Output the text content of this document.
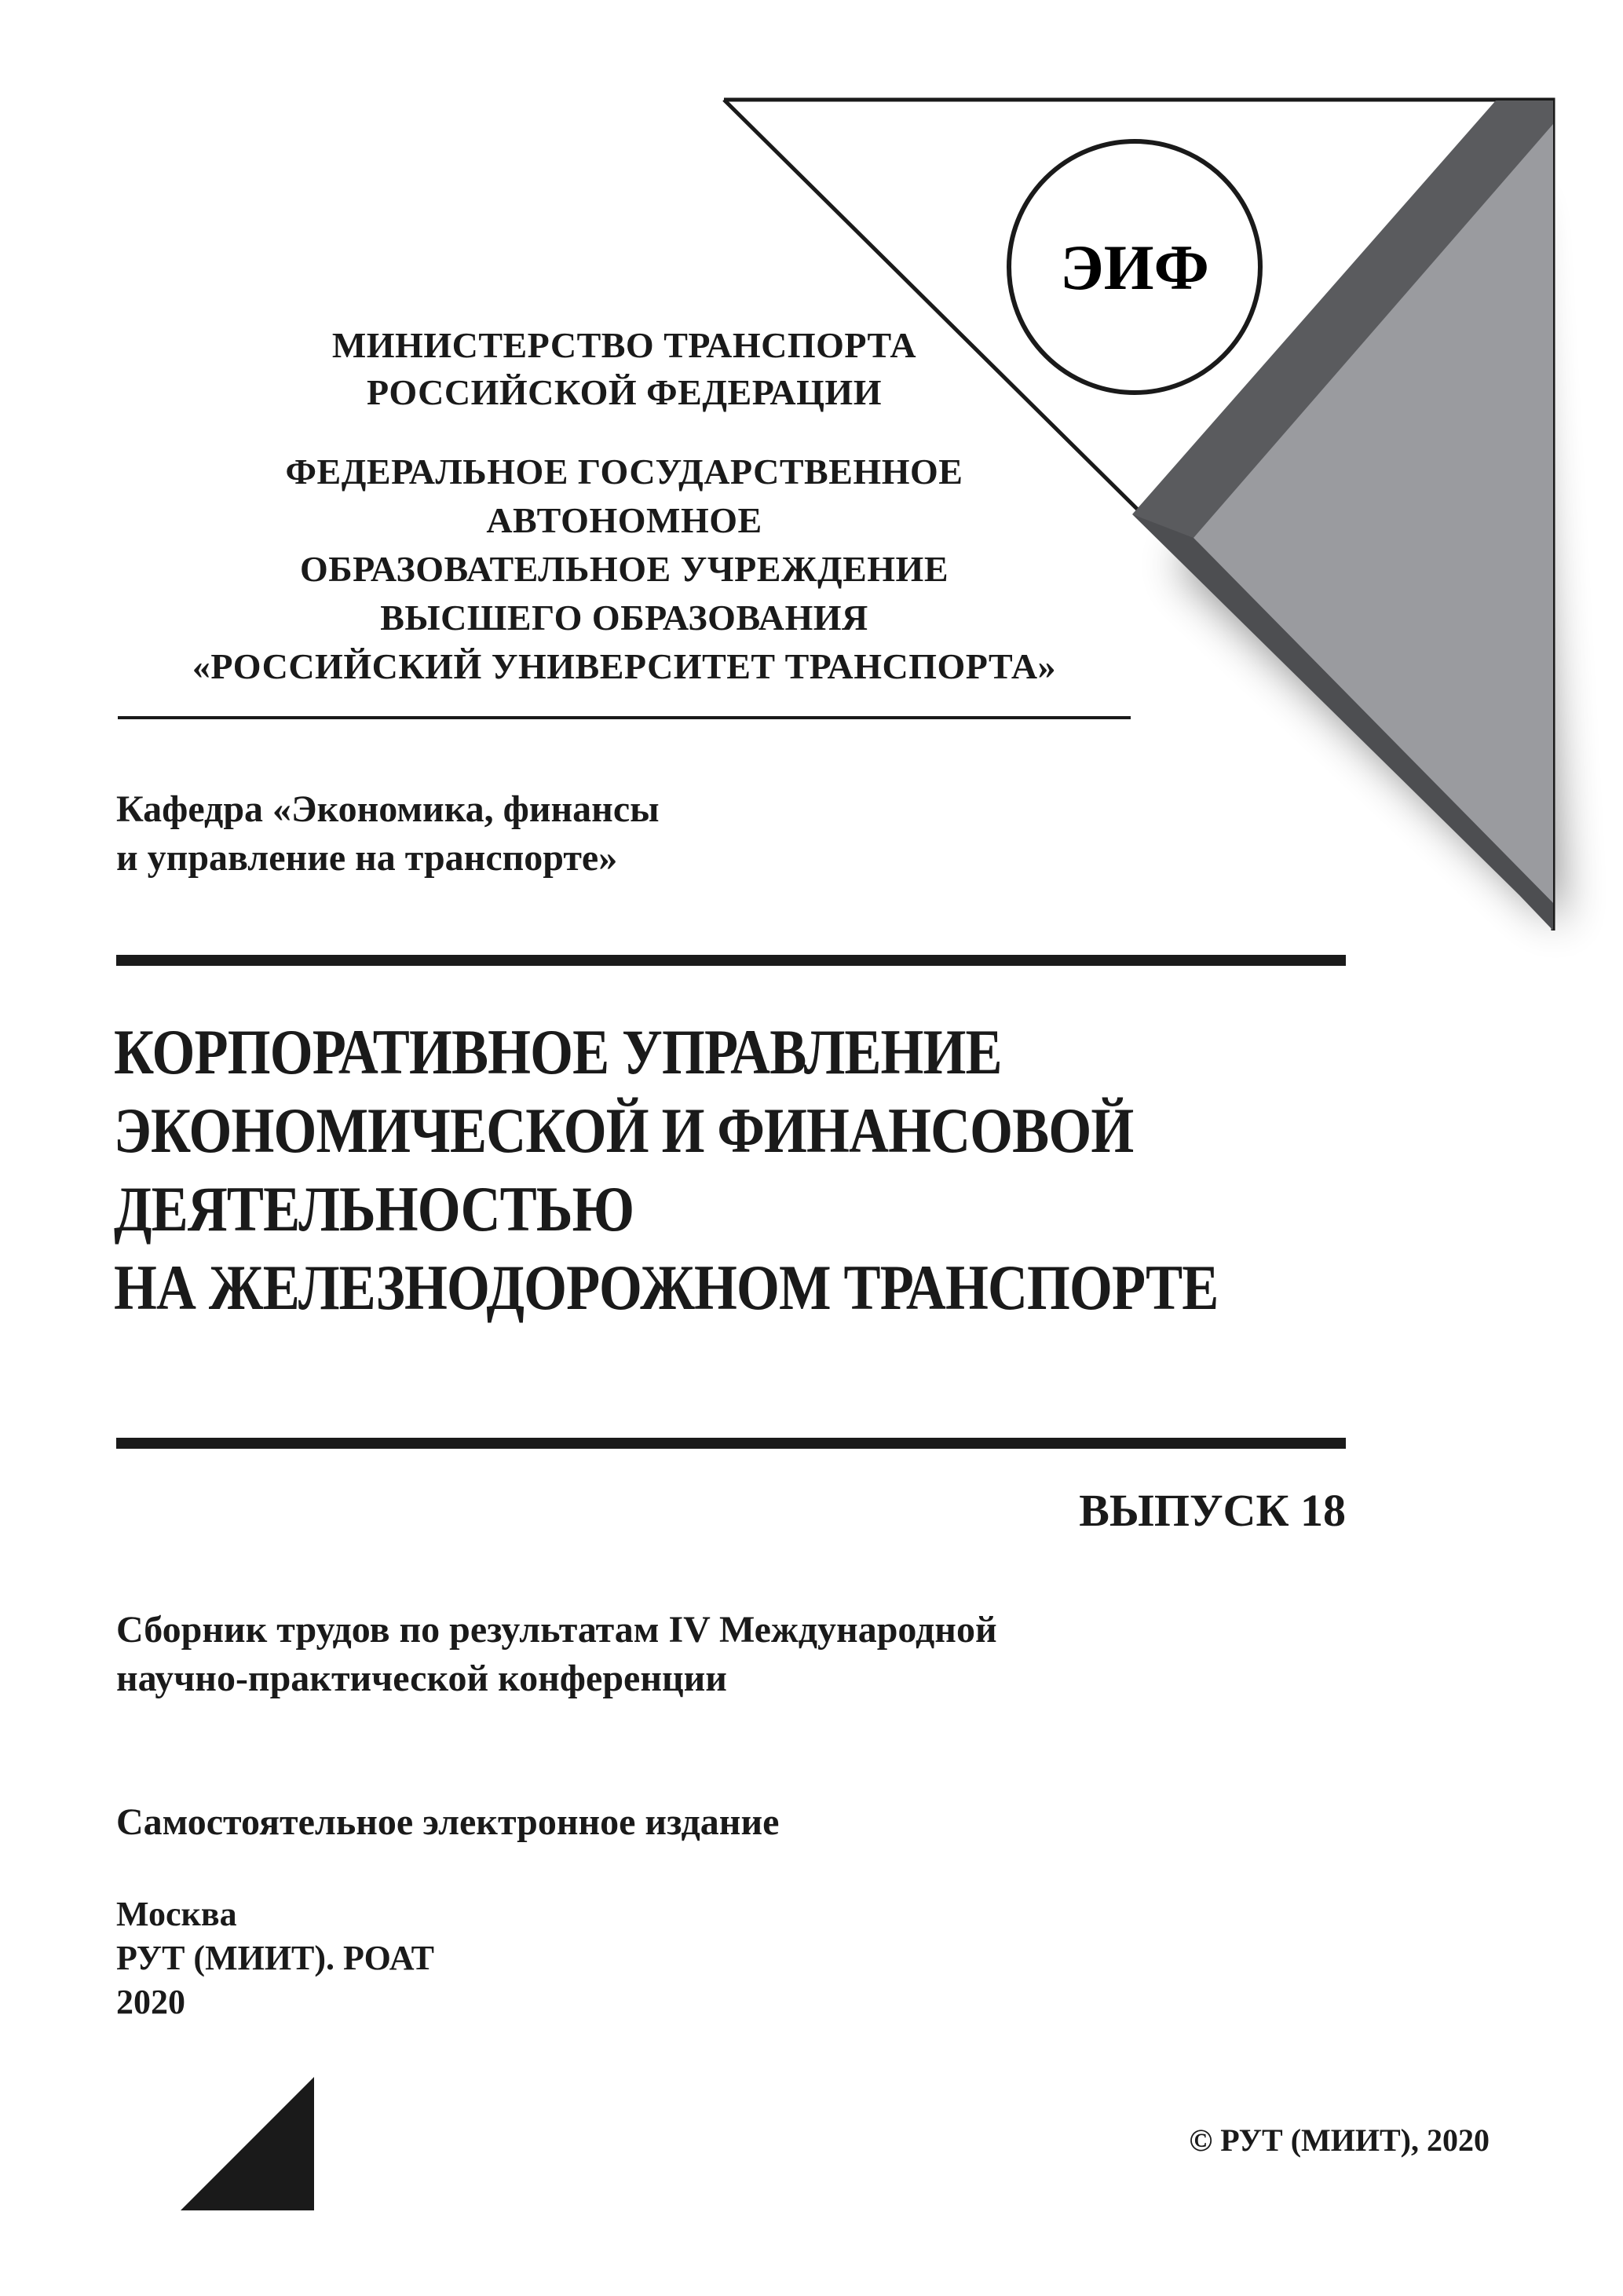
ЭИФ
МИНИСТЕРСТВО ТРАНСПОРТА
РОССИЙСКОЙ ФЕДЕРАЦИИ
ФЕДЕРАЛЬНОЕ ГОСУДАРСТВЕННОЕ
АВТОНОМНОЕ
ОБРАЗОВАТЕЛЬНОЕ УЧРЕЖДЕНИЕ
ВЫСШЕГО ОБРАЗОВАНИЯ
«РОССИЙСКИЙ УНИВЕРСИТЕТ ТРАНСПОРТА»
Кафедра «Экономика, финансы
и управление на транспорте»
КОРПОРАТИВНОЕ УПРАВЛЕНИЕ
ЭКОНОМИЧЕСКОЙ И ФИНАНСОВОЙ
ДЕЯТЕЛЬНОСТЬЮ
НА ЖЕЛЕЗНОДОРОЖНОМ ТРАНСПОРТЕ
ВЫПУСК 18
Сборник трудов по результатам IV Международной
научно-практической конференции
Самостоятельное электронное издание
Москва
РУТ (МИИТ). РОАТ
2020
© РУТ (МИИТ), 2020
